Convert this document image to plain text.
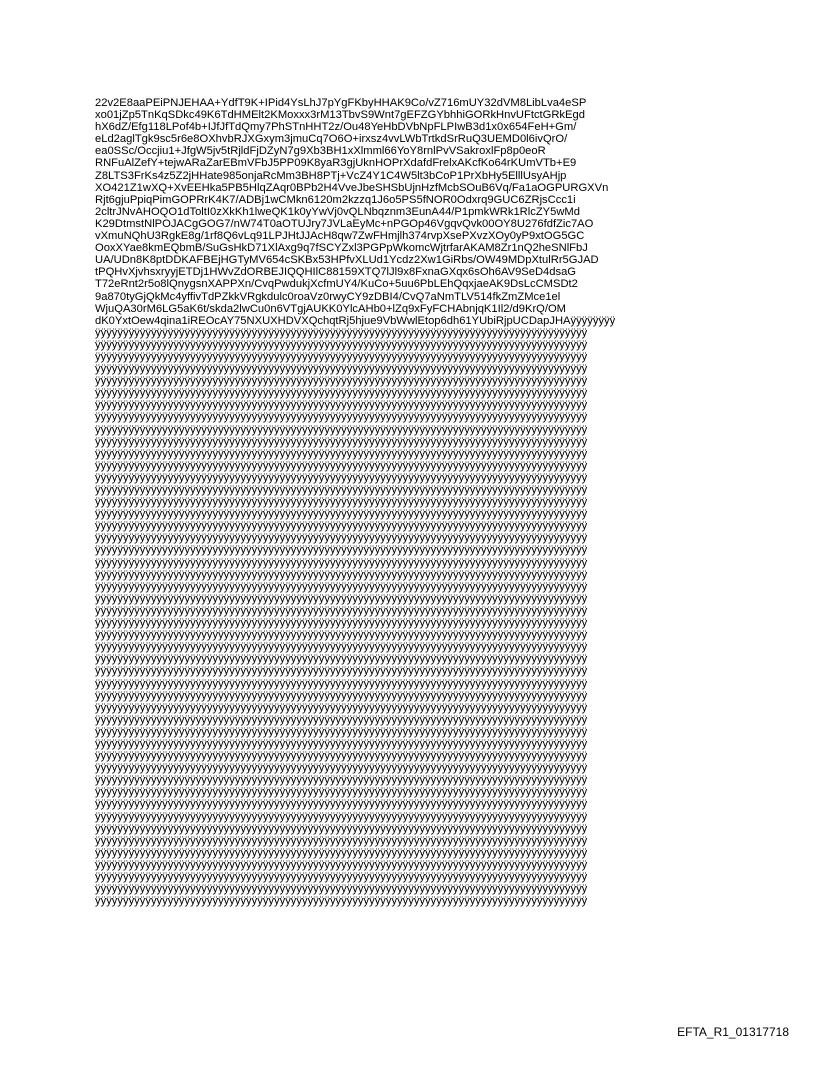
22v2E8aaPEiPNJEHAA+YdfT9K+IPid4YsLhJ7pYgFKbyHHAK9Co/vZ716mUY32dVM8LibLva4eSP
xo01jZp5TnKqSDkc49K6TdHMElt2KMoxxx3rM13TbvS9Wnt7gEFZGYbhhiGORkHnvUFtctGRkEgd
hX6dZ/Efg118LPof4b+IJfJfTdQmy7PhSTnHHT2z/Ou48YeHbDVbNpFLPIwB3d1x0x654FeH+Gm/
eLd2aglTgk9sc5r6e8OXhvbRJXGxym3jmuCq7O6O+irxsz4vvLWbTrtkdSrRuQ3UEMD0l6ivQrO/
ea0SSc/Occjiu1+JfgW5jv5tRjldFjDZyN7g9Xb3BH1xXlmml66YoY8rnlPvVSakroxlFp8p0eoR
RNFuAlZefY+tejwARaZarEBmVFbJ5PP09K8yaR3gjUknHOPrXdafdFrelxAKcfKo64rKUmVTb+E9
Z8LTS3FrKs4z5Z2jHHate985onjaRcMm3BH8PTj+VcZ4Y1C4W5lt3bCoP1PrXbHy5ElllUsyAHjp
XO421Z1wXQ+XvEEHka5PB5HlqZAqr0BPb2H4VveJbeSHSbUjnHzfMcbSOuB6Vq/Fa1aOGPURGXVn
Rjt6gjuPpiqPimGOPRrK4K7/ADBj1wCMkn6120m2kzzq1J6o5PS5fNOR0Odxrq9GUC6ZRjsCcc1i
2cltrJNvAHOQO1dToltI0zXkKh1lweQK1k0yYwVj0vQLNbqznm3EunA44/P1pmkWRk1RlcZY5wMd
K29DtmstNlPOJACgGOG7/nW74T0aOTUJry7JVLaEyMc+nPGOp46VgqvQvk00OY8U276fdfZic7AO
vXmuNQhU3RgkE8g/1rf8Q6vLq91LPJHtJJAcH8qw7ZwFHmjlh374rvpXsePXvzXOy0yP9xtOG5GC
OoxXYae8kmEQbmB/SuGsHkD71XlAxg9q7fSCYZxl3PGPpWkomcWjtrfarAKAM8Zr1nQ2heSNlFbJ
UA/UDn8K8ptDDKAFBEjHGTyMV654cSKBx53HPfvXLUd1Ycdz2Xw1GiRbs/OW49MDpXtulRr5GJAD
tPQHvXjvhsxryyjETDj1HWvZdORBEJIQQHIlC88159XTQ7lJl9x8FxnaGXqx6sOh6AV9SeD4dsaG
T72eRnt2r5o8lQnygsnXAPPXn/CvqPwdukjXcfmUY4/KuCo+5uu6PbLEhQqxjaeAK9DsLcCMSDt2
9a870tyGjQkMc4yffivTdPZkkVRgkdulc0roaVz0rwyCY9zDBI4/CvQ7aNmTLV514fkZmZMce1el
WjuQA30rM6LG5aK6t/skda2lwCu0n6VTgjAUKK0YlcAHb0+lZq9xFyFCHAbnjqK1Il2/d9KrQ/OM
dK0YxtOew4qina1iREOcAY75NXUXHDVXQchqtRj5hjue9VbWwlEtop6dh61YUbiRjpUCDapJHAÿÿÿÿÿÿÿÿ
ÿÿÿÿÿÿÿÿÿÿÿÿÿÿÿÿÿÿÿÿÿÿÿÿÿÿÿÿÿÿÿÿÿÿÿÿÿÿÿÿÿÿÿÿÿÿÿÿÿÿÿÿÿÿÿÿÿÿÿÿÿÿÿÿÿÿÿÿÿÿÿÿÿÿÿÿÿÿÿÿÿÿÿÿÿÿÿÿ
ÿÿÿÿÿÿÿÿÿÿÿÿÿÿÿÿÿÿÿÿÿÿÿÿÿÿÿÿÿÿÿÿÿÿÿÿÿÿÿÿÿÿÿÿÿÿÿÿÿÿÿÿÿÿÿÿÿÿÿÿÿÿÿÿÿÿÿÿÿÿÿÿÿÿÿÿÿÿÿÿÿÿÿÿÿÿÿÿ
ÿÿÿÿÿÿÿÿÿÿÿÿÿÿÿÿÿÿÿÿÿÿÿÿÿÿÿÿÿÿÿÿÿÿÿÿÿÿÿÿÿÿÿÿÿÿÿÿÿÿÿÿÿÿÿÿÿÿÿÿÿÿÿÿÿÿÿÿÿÿÿÿÿÿÿÿÿÿÿÿÿÿÿÿÿÿÿÿ
ÿÿÿÿÿÿÿÿÿÿÿÿÿÿÿÿÿÿÿÿÿÿÿÿÿÿÿÿÿÿÿÿÿÿÿÿÿÿÿÿÿÿÿÿÿÿÿÿÿÿÿÿÿÿÿÿÿÿÿÿÿÿÿÿÿÿÿÿÿÿÿÿÿÿÿÿÿÿÿÿÿÿÿÿÿÿÿÿ
ÿÿÿÿÿÿÿÿÿÿÿÿÿÿÿÿÿÿÿÿÿÿÿÿÿÿÿÿÿÿÿÿÿÿÿÿÿÿÿÿÿÿÿÿÿÿÿÿÿÿÿÿÿÿÿÿÿÿÿÿÿÿÿÿÿÿÿÿÿÿÿÿÿÿÿÿÿÿÿÿÿÿÿÿÿÿÿÿ
ÿÿÿÿÿÿÿÿÿÿÿÿÿÿÿÿÿÿÿÿÿÿÿÿÿÿÿÿÿÿÿÿÿÿÿÿÿÿÿÿÿÿÿÿÿÿÿÿÿÿÿÿÿÿÿÿÿÿÿÿÿÿÿÿÿÿÿÿÿÿÿÿÿÿÿÿÿÿÿÿÿÿÿÿÿÿÿÿ
ÿÿÿÿÿÿÿÿÿÿÿÿÿÿÿÿÿÿÿÿÿÿÿÿÿÿÿÿÿÿÿÿÿÿÿÿÿÿÿÿÿÿÿÿÿÿÿÿÿÿÿÿÿÿÿÿÿÿÿÿÿÿÿÿÿÿÿÿÿÿÿÿÿÿÿÿÿÿÿÿÿÿÿÿÿÿÿÿ
ÿÿÿÿÿÿÿÿÿÿÿÿÿÿÿÿÿÿÿÿÿÿÿÿÿÿÿÿÿÿÿÿÿÿÿÿÿÿÿÿÿÿÿÿÿÿÿÿÿÿÿÿÿÿÿÿÿÿÿÿÿÿÿÿÿÿÿÿÿÿÿÿÿÿÿÿÿÿÿÿÿÿÿÿÿÿÿÿ
ÿÿÿÿÿÿÿÿÿÿÿÿÿÿÿÿÿÿÿÿÿÿÿÿÿÿÿÿÿÿÿÿÿÿÿÿÿÿÿÿÿÿÿÿÿÿÿÿÿÿÿÿÿÿÿÿÿÿÿÿÿÿÿÿÿÿÿÿÿÿÿÿÿÿÿÿÿÿÿÿÿÿÿÿÿÿÿÿ
ÿÿÿÿÿÿÿÿÿÿÿÿÿÿÿÿÿÿÿÿÿÿÿÿÿÿÿÿÿÿÿÿÿÿÿÿÿÿÿÿÿÿÿÿÿÿÿÿÿÿÿÿÿÿÿÿÿÿÿÿÿÿÿÿÿÿÿÿÿÿÿÿÿÿÿÿÿÿÿÿÿÿÿÿÿÿÿÿ
ÿÿÿÿÿÿÿÿÿÿÿÿÿÿÿÿÿÿÿÿÿÿÿÿÿÿÿÿÿÿÿÿÿÿÿÿÿÿÿÿÿÿÿÿÿÿÿÿÿÿÿÿÿÿÿÿÿÿÿÿÿÿÿÿÿÿÿÿÿÿÿÿÿÿÿÿÿÿÿÿÿÿÿÿÿÿÿÿ
ÿÿÿÿÿÿÿÿÿÿÿÿÿÿÿÿÿÿÿÿÿÿÿÿÿÿÿÿÿÿÿÿÿÿÿÿÿÿÿÿÿÿÿÿÿÿÿÿÿÿÿÿÿÿÿÿÿÿÿÿÿÿÿÿÿÿÿÿÿÿÿÿÿÿÿÿÿÿÿÿÿÿÿÿÿÿÿÿ
ÿÿÿÿÿÿÿÿÿÿÿÿÿÿÿÿÿÿÿÿÿÿÿÿÿÿÿÿÿÿÿÿÿÿÿÿÿÿÿÿÿÿÿÿÿÿÿÿÿÿÿÿÿÿÿÿÿÿÿÿÿÿÿÿÿÿÿÿÿÿÿÿÿÿÿÿÿÿÿÿÿÿÿÿÿÿÿÿ
ÿÿÿÿÿÿÿÿÿÿÿÿÿÿÿÿÿÿÿÿÿÿÿÿÿÿÿÿÿÿÿÿÿÿÿÿÿÿÿÿÿÿÿÿÿÿÿÿÿÿÿÿÿÿÿÿÿÿÿÿÿÿÿÿÿÿÿÿÿÿÿÿÿÿÿÿÿÿÿÿÿÿÿÿÿÿÿÿ
ÿÿÿÿÿÿÿÿÿÿÿÿÿÿÿÿÿÿÿÿÿÿÿÿÿÿÿÿÿÿÿÿÿÿÿÿÿÿÿÿÿÿÿÿÿÿÿÿÿÿÿÿÿÿÿÿÿÿÿÿÿÿÿÿÿÿÿÿÿÿÿÿÿÿÿÿÿÿÿÿÿÿÿÿÿÿÿÿ
ÿÿÿÿÿÿÿÿÿÿÿÿÿÿÿÿÿÿÿÿÿÿÿÿÿÿÿÿÿÿÿÿÿÿÿÿÿÿÿÿÿÿÿÿÿÿÿÿÿÿÿÿÿÿÿÿÿÿÿÿÿÿÿÿÿÿÿÿÿÿÿÿÿÿÿÿÿÿÿÿÿÿÿÿÿÿÿÿ
ÿÿÿÿÿÿÿÿÿÿÿÿÿÿÿÿÿÿÿÿÿÿÿÿÿÿÿÿÿÿÿÿÿÿÿÿÿÿÿÿÿÿÿÿÿÿÿÿÿÿÿÿÿÿÿÿÿÿÿÿÿÿÿÿÿÿÿÿÿÿÿÿÿÿÿÿÿÿÿÿÿÿÿÿÿÿÿÿ
ÿÿÿÿÿÿÿÿÿÿÿÿÿÿÿÿÿÿÿÿÿÿÿÿÿÿÿÿÿÿÿÿÿÿÿÿÿÿÿÿÿÿÿÿÿÿÿÿÿÿÿÿÿÿÿÿÿÿÿÿÿÿÿÿÿÿÿÿÿÿÿÿÿÿÿÿÿÿÿÿÿÿÿÿÿÿÿÿ
ÿÿÿÿÿÿÿÿÿÿÿÿÿÿÿÿÿÿÿÿÿÿÿÿÿÿÿÿÿÿÿÿÿÿÿÿÿÿÿÿÿÿÿÿÿÿÿÿÿÿÿÿÿÿÿÿÿÿÿÿÿÿÿÿÿÿÿÿÿÿÿÿÿÿÿÿÿÿÿÿÿÿÿÿÿÿÿÿ
ÿÿÿÿÿÿÿÿÿÿÿÿÿÿÿÿÿÿÿÿÿÿÿÿÿÿÿÿÿÿÿÿÿÿÿÿÿÿÿÿÿÿÿÿÿÿÿÿÿÿÿÿÿÿÿÿÿÿÿÿÿÿÿÿÿÿÿÿÿÿÿÿÿÿÿÿÿÿÿÿÿÿÿÿÿÿÿÿ
ÿÿÿÿÿÿÿÿÿÿÿÿÿÿÿÿÿÿÿÿÿÿÿÿÿÿÿÿÿÿÿÿÿÿÿÿÿÿÿÿÿÿÿÿÿÿÿÿÿÿÿÿÿÿÿÿÿÿÿÿÿÿÿÿÿÿÿÿÿÿÿÿÿÿÿÿÿÿÿÿÿÿÿÿÿÿÿÿ
ÿÿÿÿÿÿÿÿÿÿÿÿÿÿÿÿÿÿÿÿÿÿÿÿÿÿÿÿÿÿÿÿÿÿÿÿÿÿÿÿÿÿÿÿÿÿÿÿÿÿÿÿÿÿÿÿÿÿÿÿÿÿÿÿÿÿÿÿÿÿÿÿÿÿÿÿÿÿÿÿÿÿÿÿÿÿÿÿ
ÿÿÿÿÿÿÿÿÿÿÿÿÿÿÿÿÿÿÿÿÿÿÿÿÿÿÿÿÿÿÿÿÿÿÿÿÿÿÿÿÿÿÿÿÿÿÿÿÿÿÿÿÿÿÿÿÿÿÿÿÿÿÿÿÿÿÿÿÿÿÿÿÿÿÿÿÿÿÿÿÿÿÿÿÿÿÿÿ
ÿÿÿÿÿÿÿÿÿÿÿÿÿÿÿÿÿÿÿÿÿÿÿÿÿÿÿÿÿÿÿÿÿÿÿÿÿÿÿÿÿÿÿÿÿÿÿÿÿÿÿÿÿÿÿÿÿÿÿÿÿÿÿÿÿÿÿÿÿÿÿÿÿÿÿÿÿÿÿÿÿÿÿÿÿÿÿÿ
ÿÿÿÿÿÿÿÿÿÿÿÿÿÿÿÿÿÿÿÿÿÿÿÿÿÿÿÿÿÿÿÿÿÿÿÿÿÿÿÿÿÿÿÿÿÿÿÿÿÿÿÿÿÿÿÿÿÿÿÿÿÿÿÿÿÿÿÿÿÿÿÿÿÿÿÿÿÿÿÿÿÿÿÿÿÿÿÿ
ÿÿÿÿÿÿÿÿÿÿÿÿÿÿÿÿÿÿÿÿÿÿÿÿÿÿÿÿÿÿÿÿÿÿÿÿÿÿÿÿÿÿÿÿÿÿÿÿÿÿÿÿÿÿÿÿÿÿÿÿÿÿÿÿÿÿÿÿÿÿÿÿÿÿÿÿÿÿÿÿÿÿÿÿÿÿÿÿ
ÿÿÿÿÿÿÿÿÿÿÿÿÿÿÿÿÿÿÿÿÿÿÿÿÿÿÿÿÿÿÿÿÿÿÿÿÿÿÿÿÿÿÿÿÿÿÿÿÿÿÿÿÿÿÿÿÿÿÿÿÿÿÿÿÿÿÿÿÿÿÿÿÿÿÿÿÿÿÿÿÿÿÿÿÿÿÿÿ
ÿÿÿÿÿÿÿÿÿÿÿÿÿÿÿÿÿÿÿÿÿÿÿÿÿÿÿÿÿÿÿÿÿÿÿÿÿÿÿÿÿÿÿÿÿÿÿÿÿÿÿÿÿÿÿÿÿÿÿÿÿÿÿÿÿÿÿÿÿÿÿÿÿÿÿÿÿÿÿÿÿÿÿÿÿÿÿÿ
ÿÿÿÿÿÿÿÿÿÿÿÿÿÿÿÿÿÿÿÿÿÿÿÿÿÿÿÿÿÿÿÿÿÿÿÿÿÿÿÿÿÿÿÿÿÿÿÿÿÿÿÿÿÿÿÿÿÿÿÿÿÿÿÿÿÿÿÿÿÿÿÿÿÿÿÿÿÿÿÿÿÿÿÿÿÿÿÿ
ÿÿÿÿÿÿÿÿÿÿÿÿÿÿÿÿÿÿÿÿÿÿÿÿÿÿÿÿÿÿÿÿÿÿÿÿÿÿÿÿÿÿÿÿÿÿÿÿÿÿÿÿÿÿÿÿÿÿÿÿÿÿÿÿÿÿÿÿÿÿÿÿÿÿÿÿÿÿÿÿÿÿÿÿÿÿÿÿ
ÿÿÿÿÿÿÿÿÿÿÿÿÿÿÿÿÿÿÿÿÿÿÿÿÿÿÿÿÿÿÿÿÿÿÿÿÿÿÿÿÿÿÿÿÿÿÿÿÿÿÿÿÿÿÿÿÿÿÿÿÿÿÿÿÿÿÿÿÿÿÿÿÿÿÿÿÿÿÿÿÿÿÿÿÿÿÿÿ
ÿÿÿÿÿÿÿÿÿÿÿÿÿÿÿÿÿÿÿÿÿÿÿÿÿÿÿÿÿÿÿÿÿÿÿÿÿÿÿÿÿÿÿÿÿÿÿÿÿÿÿÿÿÿÿÿÿÿÿÿÿÿÿÿÿÿÿÿÿÿÿÿÿÿÿÿÿÿÿÿÿÿÿÿÿÿÿÿ
ÿÿÿÿÿÿÿÿÿÿÿÿÿÿÿÿÿÿÿÿÿÿÿÿÿÿÿÿÿÿÿÿÿÿÿÿÿÿÿÿÿÿÿÿÿÿÿÿÿÿÿÿÿÿÿÿÿÿÿÿÿÿÿÿÿÿÿÿÿÿÿÿÿÿÿÿÿÿÿÿÿÿÿÿÿÿÿÿ
ÿÿÿÿÿÿÿÿÿÿÿÿÿÿÿÿÿÿÿÿÿÿÿÿÿÿÿÿÿÿÿÿÿÿÿÿÿÿÿÿÿÿÿÿÿÿÿÿÿÿÿÿÿÿÿÿÿÿÿÿÿÿÿÿÿÿÿÿÿÿÿÿÿÿÿÿÿÿÿÿÿÿÿÿÿÿÿÿ
ÿÿÿÿÿÿÿÿÿÿÿÿÿÿÿÿÿÿÿÿÿÿÿÿÿÿÿÿÿÿÿÿÿÿÿÿÿÿÿÿÿÿÿÿÿÿÿÿÿÿÿÿÿÿÿÿÿÿÿÿÿÿÿÿÿÿÿÿÿÿÿÿÿÿÿÿÿÿÿÿÿÿÿÿÿÿÿÿ
ÿÿÿÿÿÿÿÿÿÿÿÿÿÿÿÿÿÿÿÿÿÿÿÿÿÿÿÿÿÿÿÿÿÿÿÿÿÿÿÿÿÿÿÿÿÿÿÿÿÿÿÿÿÿÿÿÿÿÿÿÿÿÿÿÿÿÿÿÿÿÿÿÿÿÿÿÿÿÿÿÿÿÿÿÿÿÿÿ
ÿÿÿÿÿÿÿÿÿÿÿÿÿÿÿÿÿÿÿÿÿÿÿÿÿÿÿÿÿÿÿÿÿÿÿÿÿÿÿÿÿÿÿÿÿÿÿÿÿÿÿÿÿÿÿÿÿÿÿÿÿÿÿÿÿÿÿÿÿÿÿÿÿÿÿÿÿÿÿÿÿÿÿÿÿÿÿÿ
ÿÿÿÿÿÿÿÿÿÿÿÿÿÿÿÿÿÿÿÿÿÿÿÿÿÿÿÿÿÿÿÿÿÿÿÿÿÿÿÿÿÿÿÿÿÿÿÿÿÿÿÿÿÿÿÿÿÿÿÿÿÿÿÿÿÿÿÿÿÿÿÿÿÿÿÿÿÿÿÿÿÿÿÿÿÿÿÿ
ÿÿÿÿÿÿÿÿÿÿÿÿÿÿÿÿÿÿÿÿÿÿÿÿÿÿÿÿÿÿÿÿÿÿÿÿÿÿÿÿÿÿÿÿÿÿÿÿÿÿÿÿÿÿÿÿÿÿÿÿÿÿÿÿÿÿÿÿÿÿÿÿÿÿÿÿÿÿÿÿÿÿÿÿÿÿÿÿ
ÿÿÿÿÿÿÿÿÿÿÿÿÿÿÿÿÿÿÿÿÿÿÿÿÿÿÿÿÿÿÿÿÿÿÿÿÿÿÿÿÿÿÿÿÿÿÿÿÿÿÿÿÿÿÿÿÿÿÿÿÿÿÿÿÿÿÿÿÿÿÿÿÿÿÿÿÿÿÿÿÿÿÿÿÿÿÿÿ
ÿÿÿÿÿÿÿÿÿÿÿÿÿÿÿÿÿÿÿÿÿÿÿÿÿÿÿÿÿÿÿÿÿÿÿÿÿÿÿÿÿÿÿÿÿÿÿÿÿÿÿÿÿÿÿÿÿÿÿÿÿÿÿÿÿÿÿÿÿÿÿÿÿÿÿÿÿÿÿÿÿÿÿÿÿÿÿÿ
ÿÿÿÿÿÿÿÿÿÿÿÿÿÿÿÿÿÿÿÿÿÿÿÿÿÿÿÿÿÿÿÿÿÿÿÿÿÿÿÿÿÿÿÿÿÿÿÿÿÿÿÿÿÿÿÿÿÿÿÿÿÿÿÿÿÿÿÿÿÿÿÿÿÿÿÿÿÿÿÿÿÿÿÿÿÿÿÿ
ÿÿÿÿÿÿÿÿÿÿÿÿÿÿÿÿÿÿÿÿÿÿÿÿÿÿÿÿÿÿÿÿÿÿÿÿÿÿÿÿÿÿÿÿÿÿÿÿÿÿÿÿÿÿÿÿÿÿÿÿÿÿÿÿÿÿÿÿÿÿÿÿÿÿÿÿÿÿÿÿÿÿÿÿÿÿÿÿ
ÿÿÿÿÿÿÿÿÿÿÿÿÿÿÿÿÿÿÿÿÿÿÿÿÿÿÿÿÿÿÿÿÿÿÿÿÿÿÿÿÿÿÿÿÿÿÿÿÿÿÿÿÿÿÿÿÿÿÿÿÿÿÿÿÿÿÿÿÿÿÿÿÿÿÿÿÿÿÿÿÿÿÿÿÿÿÿÿ
ÿÿÿÿÿÿÿÿÿÿÿÿÿÿÿÿÿÿÿÿÿÿÿÿÿÿÿÿÿÿÿÿÿÿÿÿÿÿÿÿÿÿÿÿÿÿÿÿÿÿÿÿÿÿÿÿÿÿÿÿÿÿÿÿÿÿÿÿÿÿÿÿÿÿÿÿÿÿÿÿÿÿÿÿÿÿÿÿ
ÿÿÿÿÿÿÿÿÿÿÿÿÿÿÿÿÿÿÿÿÿÿÿÿÿÿÿÿÿÿÿÿÿÿÿÿÿÿÿÿÿÿÿÿÿÿÿÿÿÿÿÿÿÿÿÿÿÿÿÿÿÿÿÿÿÿÿÿÿÿÿÿÿÿÿÿÿÿÿÿÿÿÿÿÿÿÿÿ
ÿÿÿÿÿÿÿÿÿÿÿÿÿÿÿÿÿÿÿÿÿÿÿÿÿÿÿÿÿÿÿÿÿÿÿÿÿÿÿÿÿÿÿÿÿÿÿÿÿÿÿÿÿÿÿÿÿÿÿÿÿÿÿÿÿÿÿÿÿÿÿÿÿÿÿÿÿÿÿÿÿÿÿÿÿÿÿÿ
ÿÿÿÿÿÿÿÿÿÿÿÿÿÿÿÿÿÿÿÿÿÿÿÿÿÿÿÿÿÿÿÿÿÿÿÿÿÿÿÿÿÿÿÿÿÿÿÿÿÿÿÿÿÿÿÿÿÿÿÿÿÿÿÿÿÿÿÿÿÿÿÿÿÿÿÿÿÿÿÿÿÿÿÿÿÿÿÿ
EFTA_R1_01317718
